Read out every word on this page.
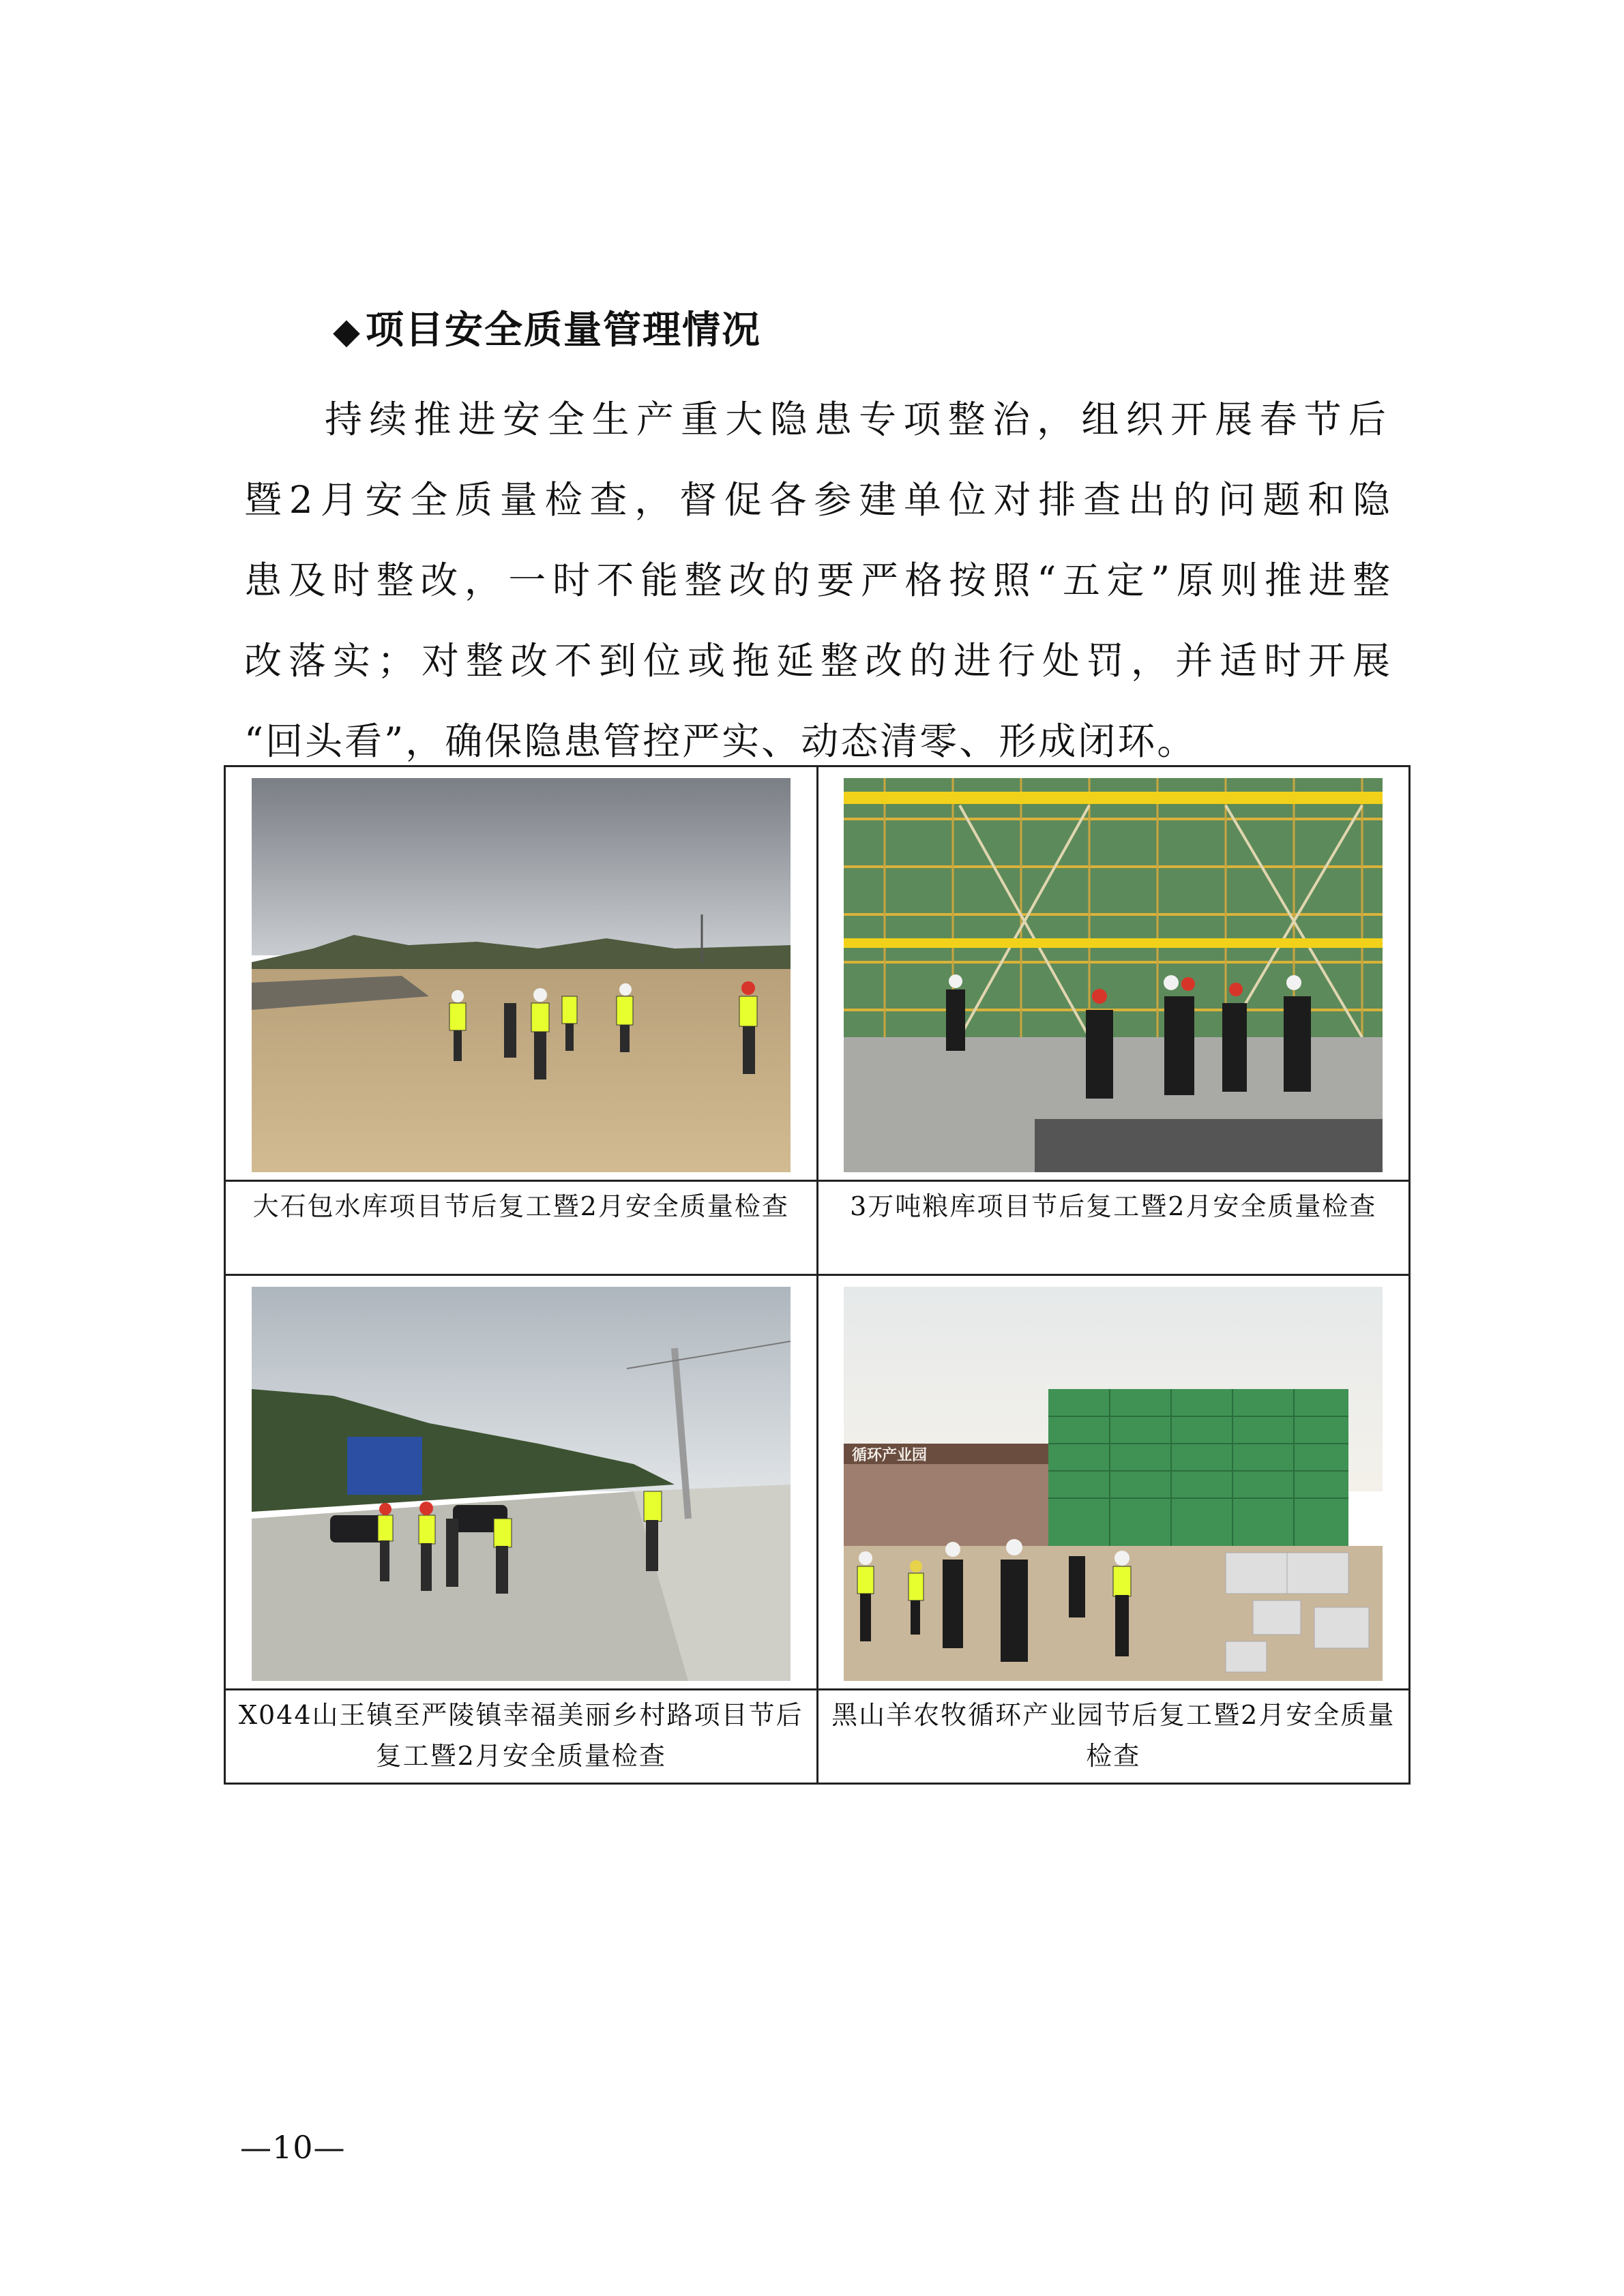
◆ 项目安全质量管理情况
持续推进安全生产重大隐患专项整治，组织开展春节后
暨2月安全质量检查，督促各参建单位对排查出的问题和隐
患及时整改，一时不能整改的要严格按照“五定”原则推进整
改落实；对整改不到位或拖延整改的进行处罚，并适时开展
“回头看”，确保隐患管控严实、动态清零、形成闭环。

大石包水库项目节后复工暨2月安全质量检查	3万吨粮库项目节后复工暨2月安全质量检查

循环产业园

X044山王镇至严陵镇幸福美丽乡村路项目节后复工暨2月安全质量检查	黑山羊农牧循环产业园节后复工暨2月安全质量检查
—10—
